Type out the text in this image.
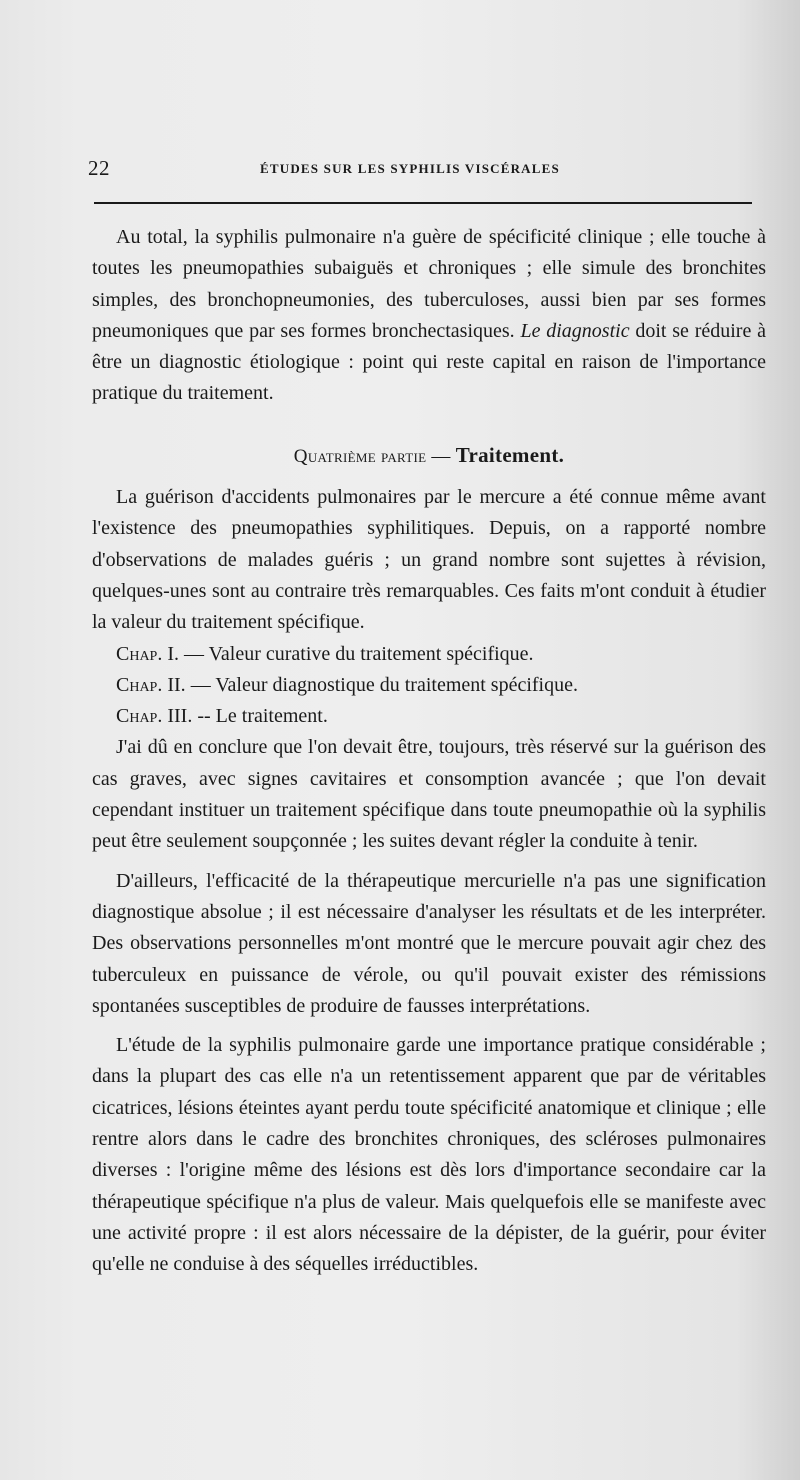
22	ÉTUDES SUR LES SYPHILIS VISCÉRALES

Au total, la syphilis pulmonaire n'a guère de spécificité clinique ; elle touche à toutes les pneumopathies subaiguës et chroniques ; elle simule des bronchites simples, des bronchopneumonies, des tuberculoses, aussi bien par ses formes pneumoniques que par ses formes bronchectasiques. Le diagnostic doit se réduire à être un diagnostic étiologique : point qui reste capital en raison de l'importance pratique du traitement.

Quatrième partie — Traitement.

La guérison d'accidents pulmonaires par le mercure a été connue même avant l'existence des pneumopathies syphilitiques. Depuis, on a rapporté nombre d'observations de malades guéris ; un grand nombre sont sujettes à révision, quelques-unes sont au contraire très remarquables. Ces faits m'ont conduit à étudier la valeur du traitement spécifique.

Chap. I. — Valeur curative du traitement spécifique.
Chap. II. — Valeur diagnostique du traitement spécifique.
Chap. III. -- Le traitement.

J'ai dû en conclure que l'on devait être, toujours, très réservé sur la guérison des cas graves, avec signes cavitaires et consomption avancée ; que l'on devait cependant instituer un traitement spécifique dans toute pneumopathie où la syphilis peut être seulement soupçonnée ; les suites devant régler la conduite à tenir.

D'ailleurs, l'efficacité de la thérapeutique mercurielle n'a pas une signification diagnostique absolue ; il est nécessaire d'analyser les résultats et de les interpréter. Des observations personnelles m'ont montré que le mercure pouvait agir chez des tuberculeux en puissance de vérole, ou qu'il pouvait exister des rémissions spontanées susceptibles de produire de fausses interprétations.

L'étude de la syphilis pulmonaire garde une importance pratique considérable ; dans la plupart des cas elle n'a un retentissement apparent que par de véritables cicatrices, lésions éteintes ayant perdu toute spécificité anatomique et clinique ; elle rentre alors dans le cadre des bronchites chroniques, des scléroses pulmonaires diverses : l'origine même des lésions est dès lors d'importance secondaire car la thérapeutique spécifique n'a plus de valeur. Mais quelquefois elle se manifeste avec une activité propre : il est alors nécessaire de la dépister, de la guérir, pour éviter qu'elle ne conduise à des séquelles irréductibles.
